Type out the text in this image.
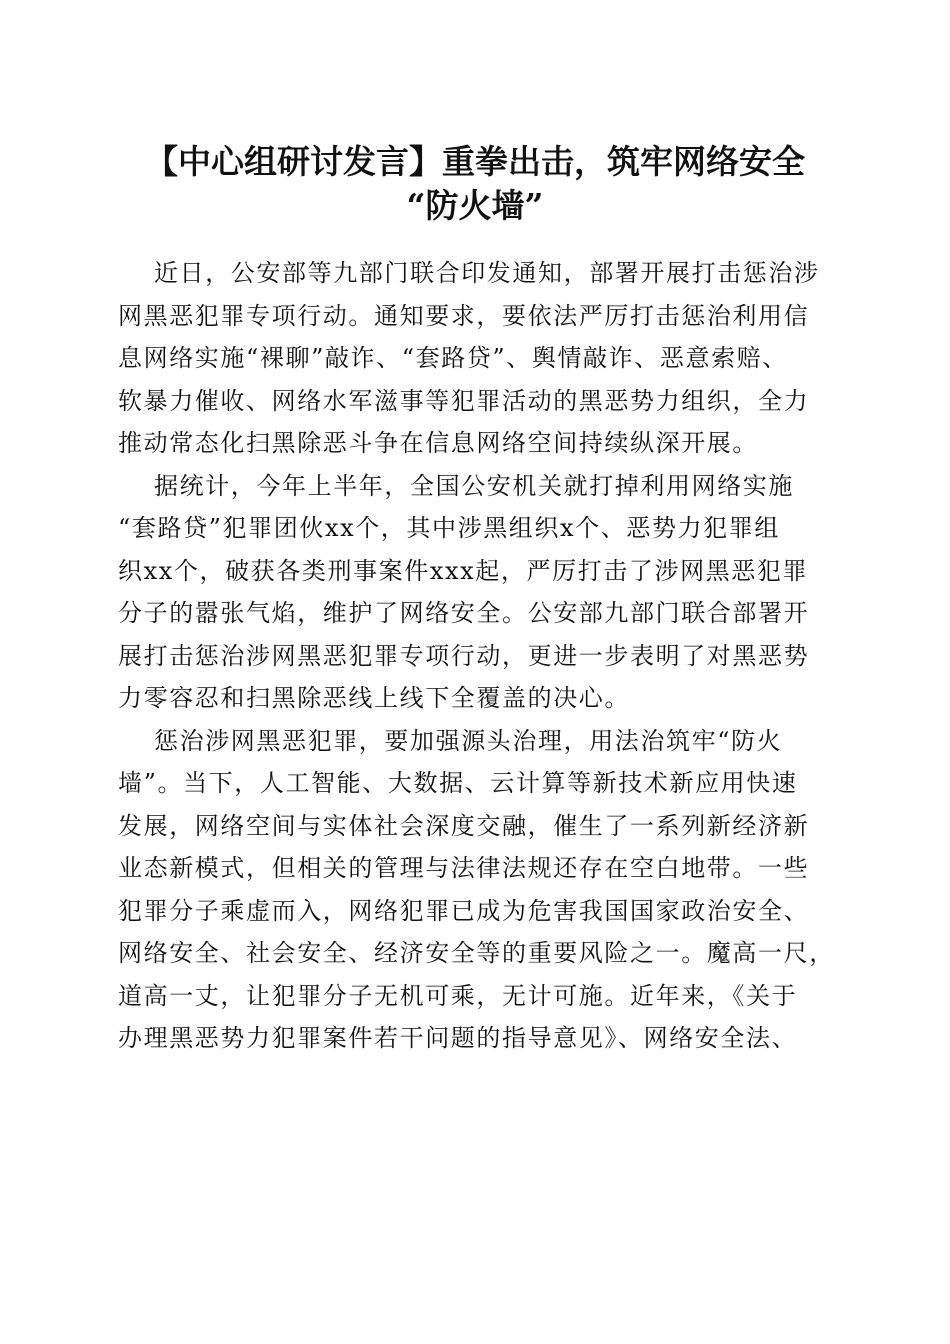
【中心组研讨发言】重拳出击，筑牢网络安全
“防火墙”
近日，公安部等九部门联合印发通知，部署开展打击惩治涉
网黑恶犯罪专项行动。通知要求，要依法严厉打击惩治利用信
息网络实施“裸聊”敲诈、“套路贷”、舆情敲诈、恶意索赔、
软暴力催收、网络水军滋事等犯罪活动的黑恶势力组织，全力
推动常态化扫黑除恶斗争在信息网络空间持续纵深开展。
据统计，今年上半年，全国公安机关就打掉利用网络实施
“套路贷”犯罪团伙xx个，其中涉黑组织x个、恶势力犯罪组
织xx个，破获各类刑事案件xxx起，严厉打击了涉网黑恶犯罪
分子的嚣张气焰，维护了网络安全。公安部九部门联合部署开
展打击惩治涉网黑恶犯罪专项行动，更进一步表明了对黑恶势
力零容忍和扫黑除恶线上线下全覆盖的决心。
惩治涉网黑恶犯罪，要加强源头治理，用法治筑牢“防火
墙”。当下，人工智能、大数据、云计算等新技术新应用快速
发展，网络空间与实体社会深度交融，催生了一系列新经济新
业态新模式，但相关的管理与法律法规还存在空白地带。一些
犯罪分子乘虚而入，网络犯罪已成为危害我国国家政治安全、
网络安全、社会安全、经济安全等的重要风险之一。魔高一尺，
道高一丈，让犯罪分子无机可乘，无计可施。近年来，《关于
办理黑恶势力犯罪案件若干问题的指导意见》、网络安全法、
